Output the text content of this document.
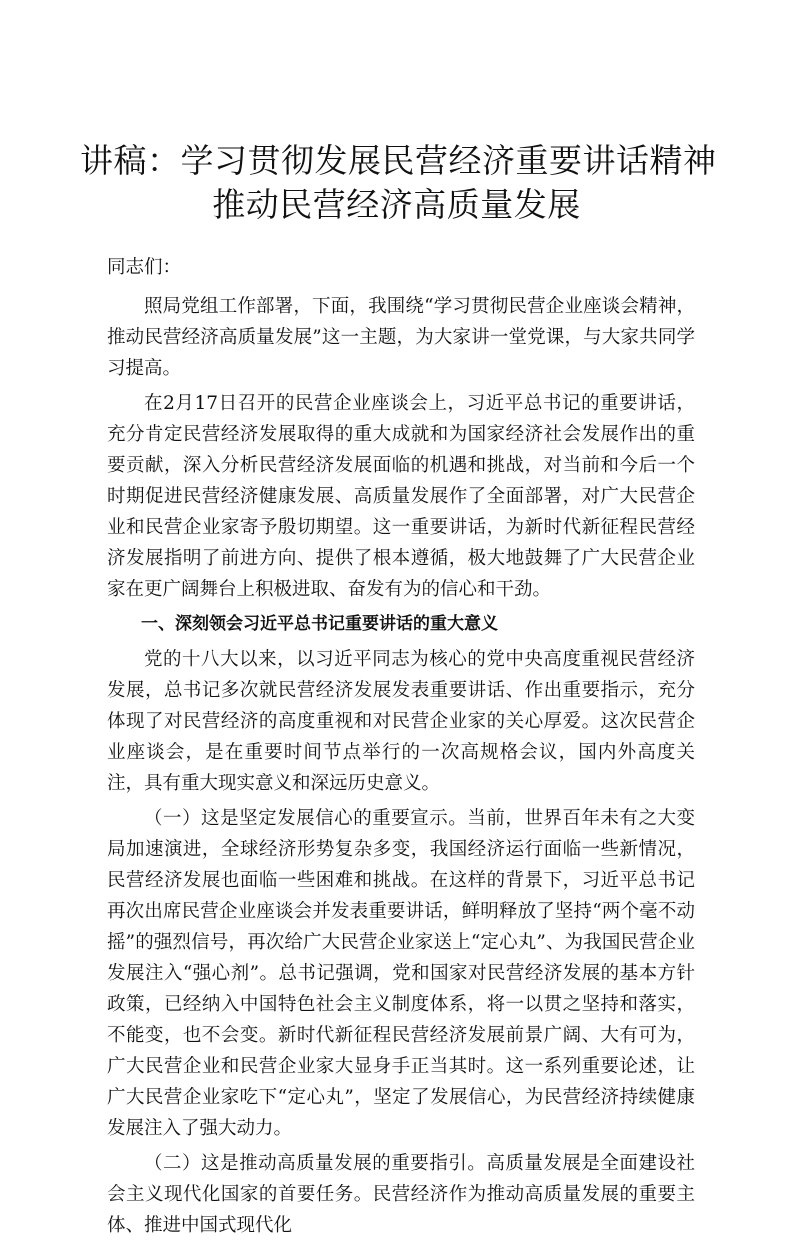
讲稿：学习贯彻发展民营经济重要讲话精神
推动民营经济高质量发展

同志们：

照局党组工作部署，下面，我围绕“学习贯彻民营企业座谈会精神，推动民营经济高质量发展”这一主题，为大家讲一堂党课，与大家共同学习提高。

在2月17日召开的民营企业座谈会上，习近平总书记的重要讲话，充分肯定民营经济发展取得的重大成就和为国家经济社会发展作出的重要贡献，深入分析民营经济发展面临的机遇和挑战，对当前和今后一个时期促进民营经济健康发展、高质量发展作了全面部署，对广大民营企业和民营企业家寄予殷切期望。这一重要讲话，为新时代新征程民营经济发展指明了前进方向、提供了根本遵循，极大地鼓舞了广大民营企业家在更广阔舞台上积极进取、奋发有为的信心和干劲。

一、深刻领会习近平总书记重要讲话的重大意义

党的十八大以来，以习近平同志为核心的党中央高度重视民营经济发展，总书记多次就民营经济发展发表重要讲话、作出重要指示，充分体现了对民营经济的高度重视和对民营企业家的关心厚爱。这次民营企业座谈会，是在重要时间节点举行的一次高规格会议，国内外高度关注，具有重大现实意义和深远历史意义。

（一）这是坚定发展信心的重要宣示。当前，世界百年未有之大变局加速演进，全球经济形势复杂多变，我国经济运行面临一些新情况，民营经济发展也面临一些困难和挑战。在这样的背景下，习近平总书记再次出席民营企业座谈会并发表重要讲话，鲜明释放了坚持“两个毫不动摇”的强烈信号，再次给广大民营企业家送上“定心丸”、为我国民营企业发展注入“强心剂”。总书记强调，党和国家对民营经济发展的基本方针政策，已经纳入中国特色社会主义制度体系，将一以贯之坚持和落实，不能变，也不会变。新时代新征程民营经济发展前景广阔、大有可为，广大民营企业和民营企业家大显身手正当其时。这一系列重要论述，让广大民营企业家吃下“定心丸”，坚定了发展信心，为民营经济持续健康发展注入了强大动力。

（二）这是推动高质量发展的重要指引。高质量发展是全面建设社会主义现代化国家的首要任务。民营经济作为推动高质量发展的重要主体、推进中国式现代化
